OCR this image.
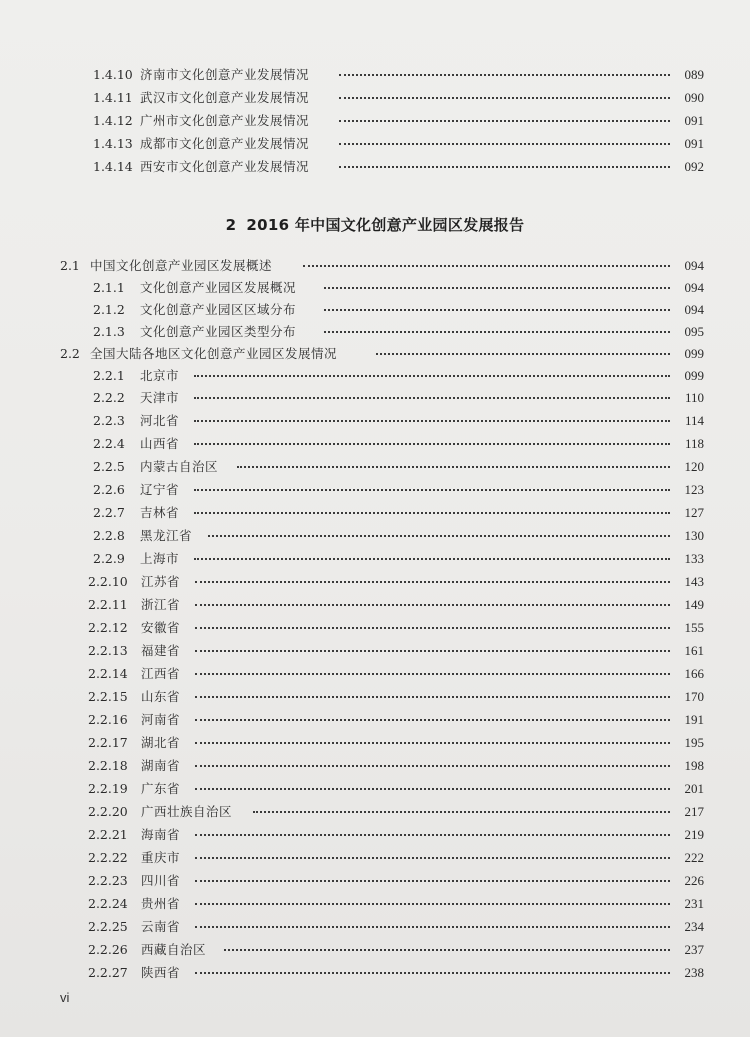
1.4.10 济南市文化创意产业发展情况	089
1.4.11 武汉市文化创意产业发展情况	090
1.4.12 广州市文化创意产业发展情况	091
1.4.13 成都市文化创意产业发展情况	091
1.4.14 西安市文化创意产业发展情况	092
2 2016 年中国文化创意产业园区发展报告
2.1 中国文化创意产业园区发展概述	094
2.1.1 文化创意产业园区发展概况	094
2.1.2 文化创意产业园区区域分布	094
2.1.3 文化创意产业园区类型分布	095
2.2 全国大陆各地区文化创意产业园区发展情况	099
2.2.1 北京市	099
2.2.2 天津市	110
2.2.3 河北省	114
2.2.4 山西省	118
2.2.5 内蒙古自治区	120
2.2.6 辽宁省	123
2.2.7 吉林省	127
2.2.8 黑龙江省	130
2.2.9 上海市	133
2.2.10 江苏省	143
2.2.11 浙江省	149
2.2.12 安徽省	155
2.2.13 福建省	161
2.2.14 江西省	166
2.2.15 山东省	170
2.2.16 河南省	191
2.2.17 湖北省	195
2.2.18 湖南省	198
2.2.19 广东省	201
2.2.20 广西壮族自治区	217
2.2.21 海南省	219
2.2.22 重庆市	222
2.2.23 四川省	226
2.2.24 贵州省	231
2.2.25 云南省	234
2.2.26 西藏自治区	237
2.2.27 陕西省	238
vi
